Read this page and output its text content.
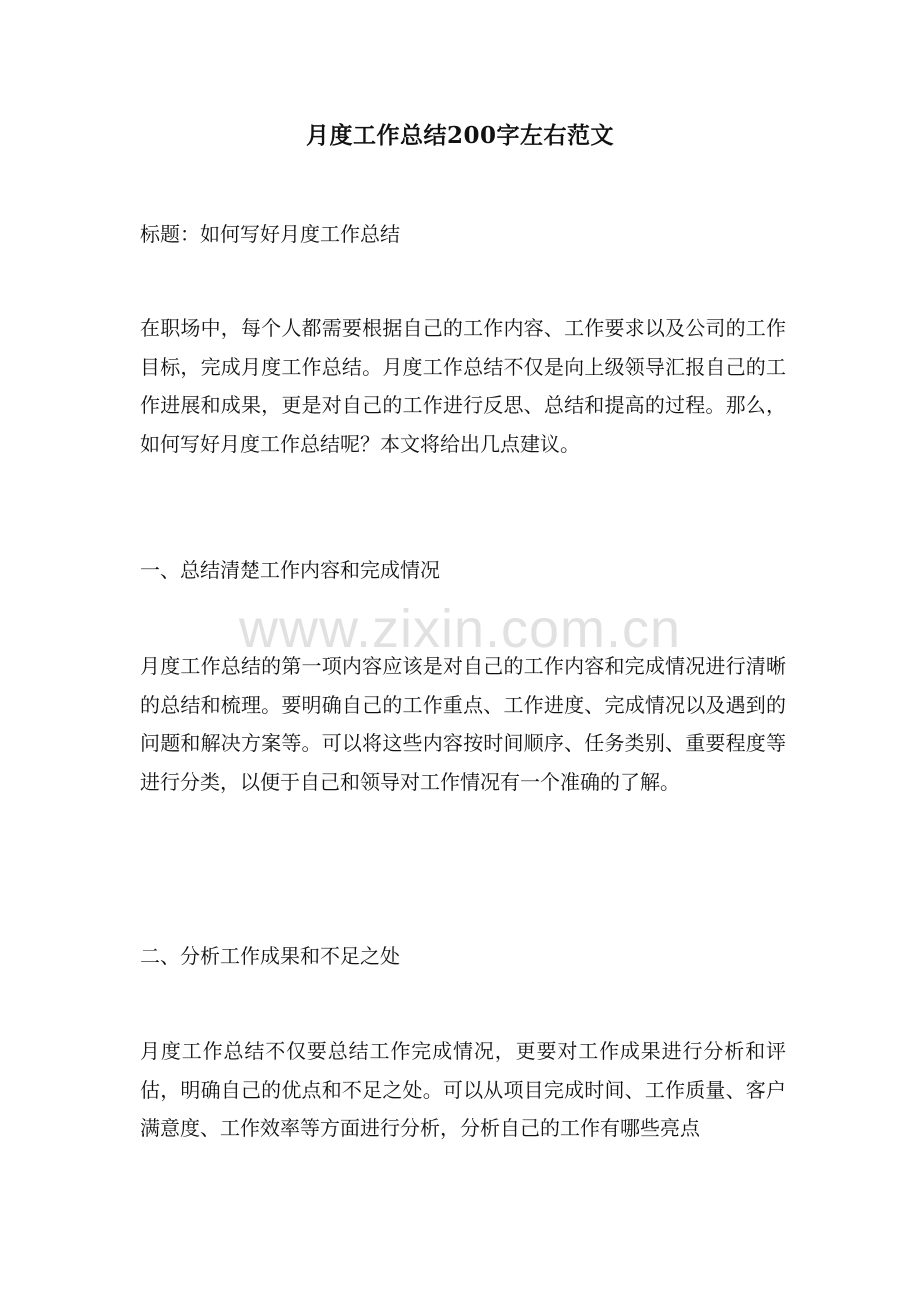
月度工作总结200字左右范文

标题：如何写好月度工作总结

在职场中，每个人都需要根据自己的工作内容、工作要求以及公司的工作目标，完成月度工作总结。月度工作总结不仅是向上级领导汇报自己的工作进展和成果，更是对自己的工作进行反思、总结和提高的过程。那么，如何写好月度工作总结呢？本文将给出几点建议。

一、总结清楚工作内容和完成情况

月度工作总结的第一项内容应该是对自己的工作内容和完成情况进行清晰的总结和梳理。要明确自己的工作重点、工作进度、完成情况以及遇到的问题和解决方案等。可以将这些内容按时间顺序、任务类别、重要程度等进行分类，以便于自己和领导对工作情况有一个准确的了解。

二、分析工作成果和不足之处

月度工作总结不仅要总结工作完成情况，更要对工作成果进行分析和评估，明确自己的优点和不足之处。可以从项目完成时间、工作质量、客户满意度、工作效率等方面进行分析，分析自己的工作有哪些亮点

www.zixin.com.cn
